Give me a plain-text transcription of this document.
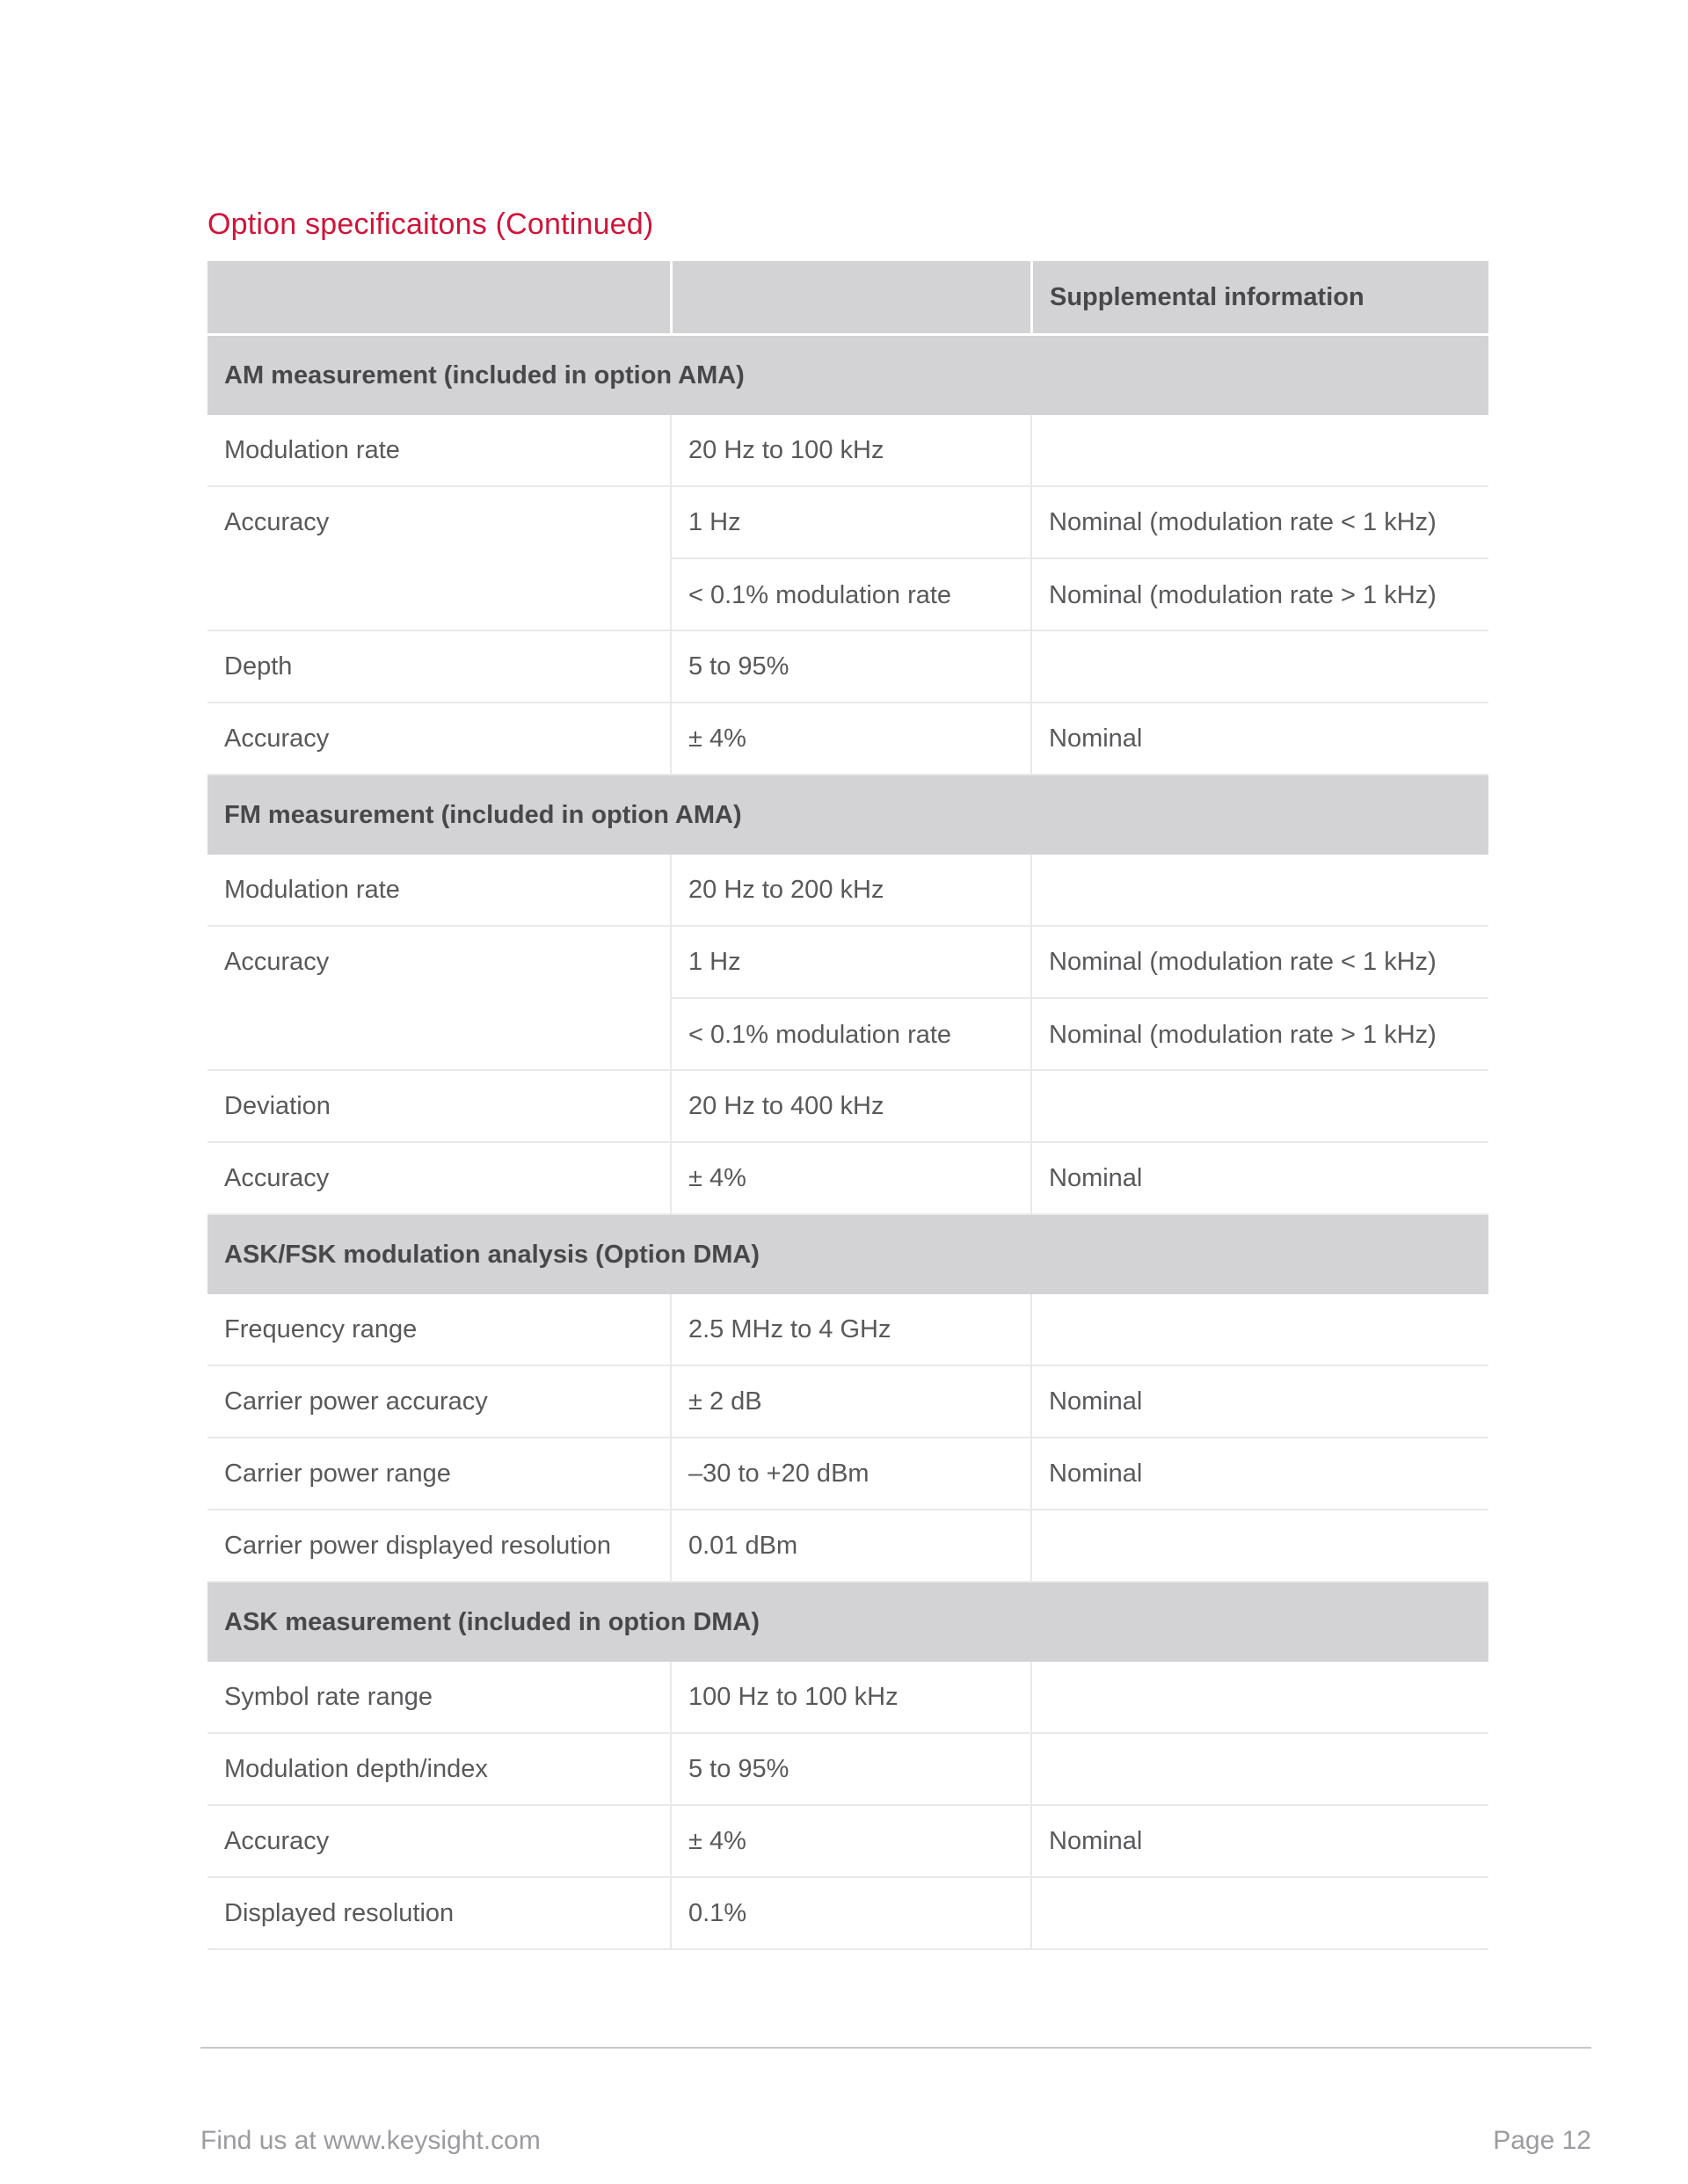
Option specificaitons (Continued)
Supplemental information
AM measurement (included in option AMA)
Modulation rate	20 Hz to 100 kHz
Accuracy	1 Hz	Nominal (modulation rate < 1 kHz)
< 0.1% modulation rate	Nominal (modulation rate > 1 kHz)
Depth	5 to 95%
Accuracy	± 4%	Nominal
FM measurement (included in option AMA)
Modulation rate	20 Hz to 200 kHz
Accuracy	1 Hz	Nominal (modulation rate < 1 kHz)
< 0.1% modulation rate	Nominal (modulation rate > 1 kHz)
Deviation	20 Hz to 400 kHz
Accuracy	± 4%	Nominal
ASK/FSK modulation analysis (Option DMA)
Frequency range	2.5 MHz to 4 GHz
Carrier power accuracy	± 2 dB	Nominal
Carrier power range	–30 to +20 dBm	Nominal
Carrier power displayed resolution	0.01 dBm
ASK measurement (included in option DMA)
Symbol rate range	100 Hz to 100 kHz
Modulation depth/index	5 to 95%
Accuracy	± 4%	Nominal
Displayed resolution	0.1%
Find us at www.keysight.com	Page 12
